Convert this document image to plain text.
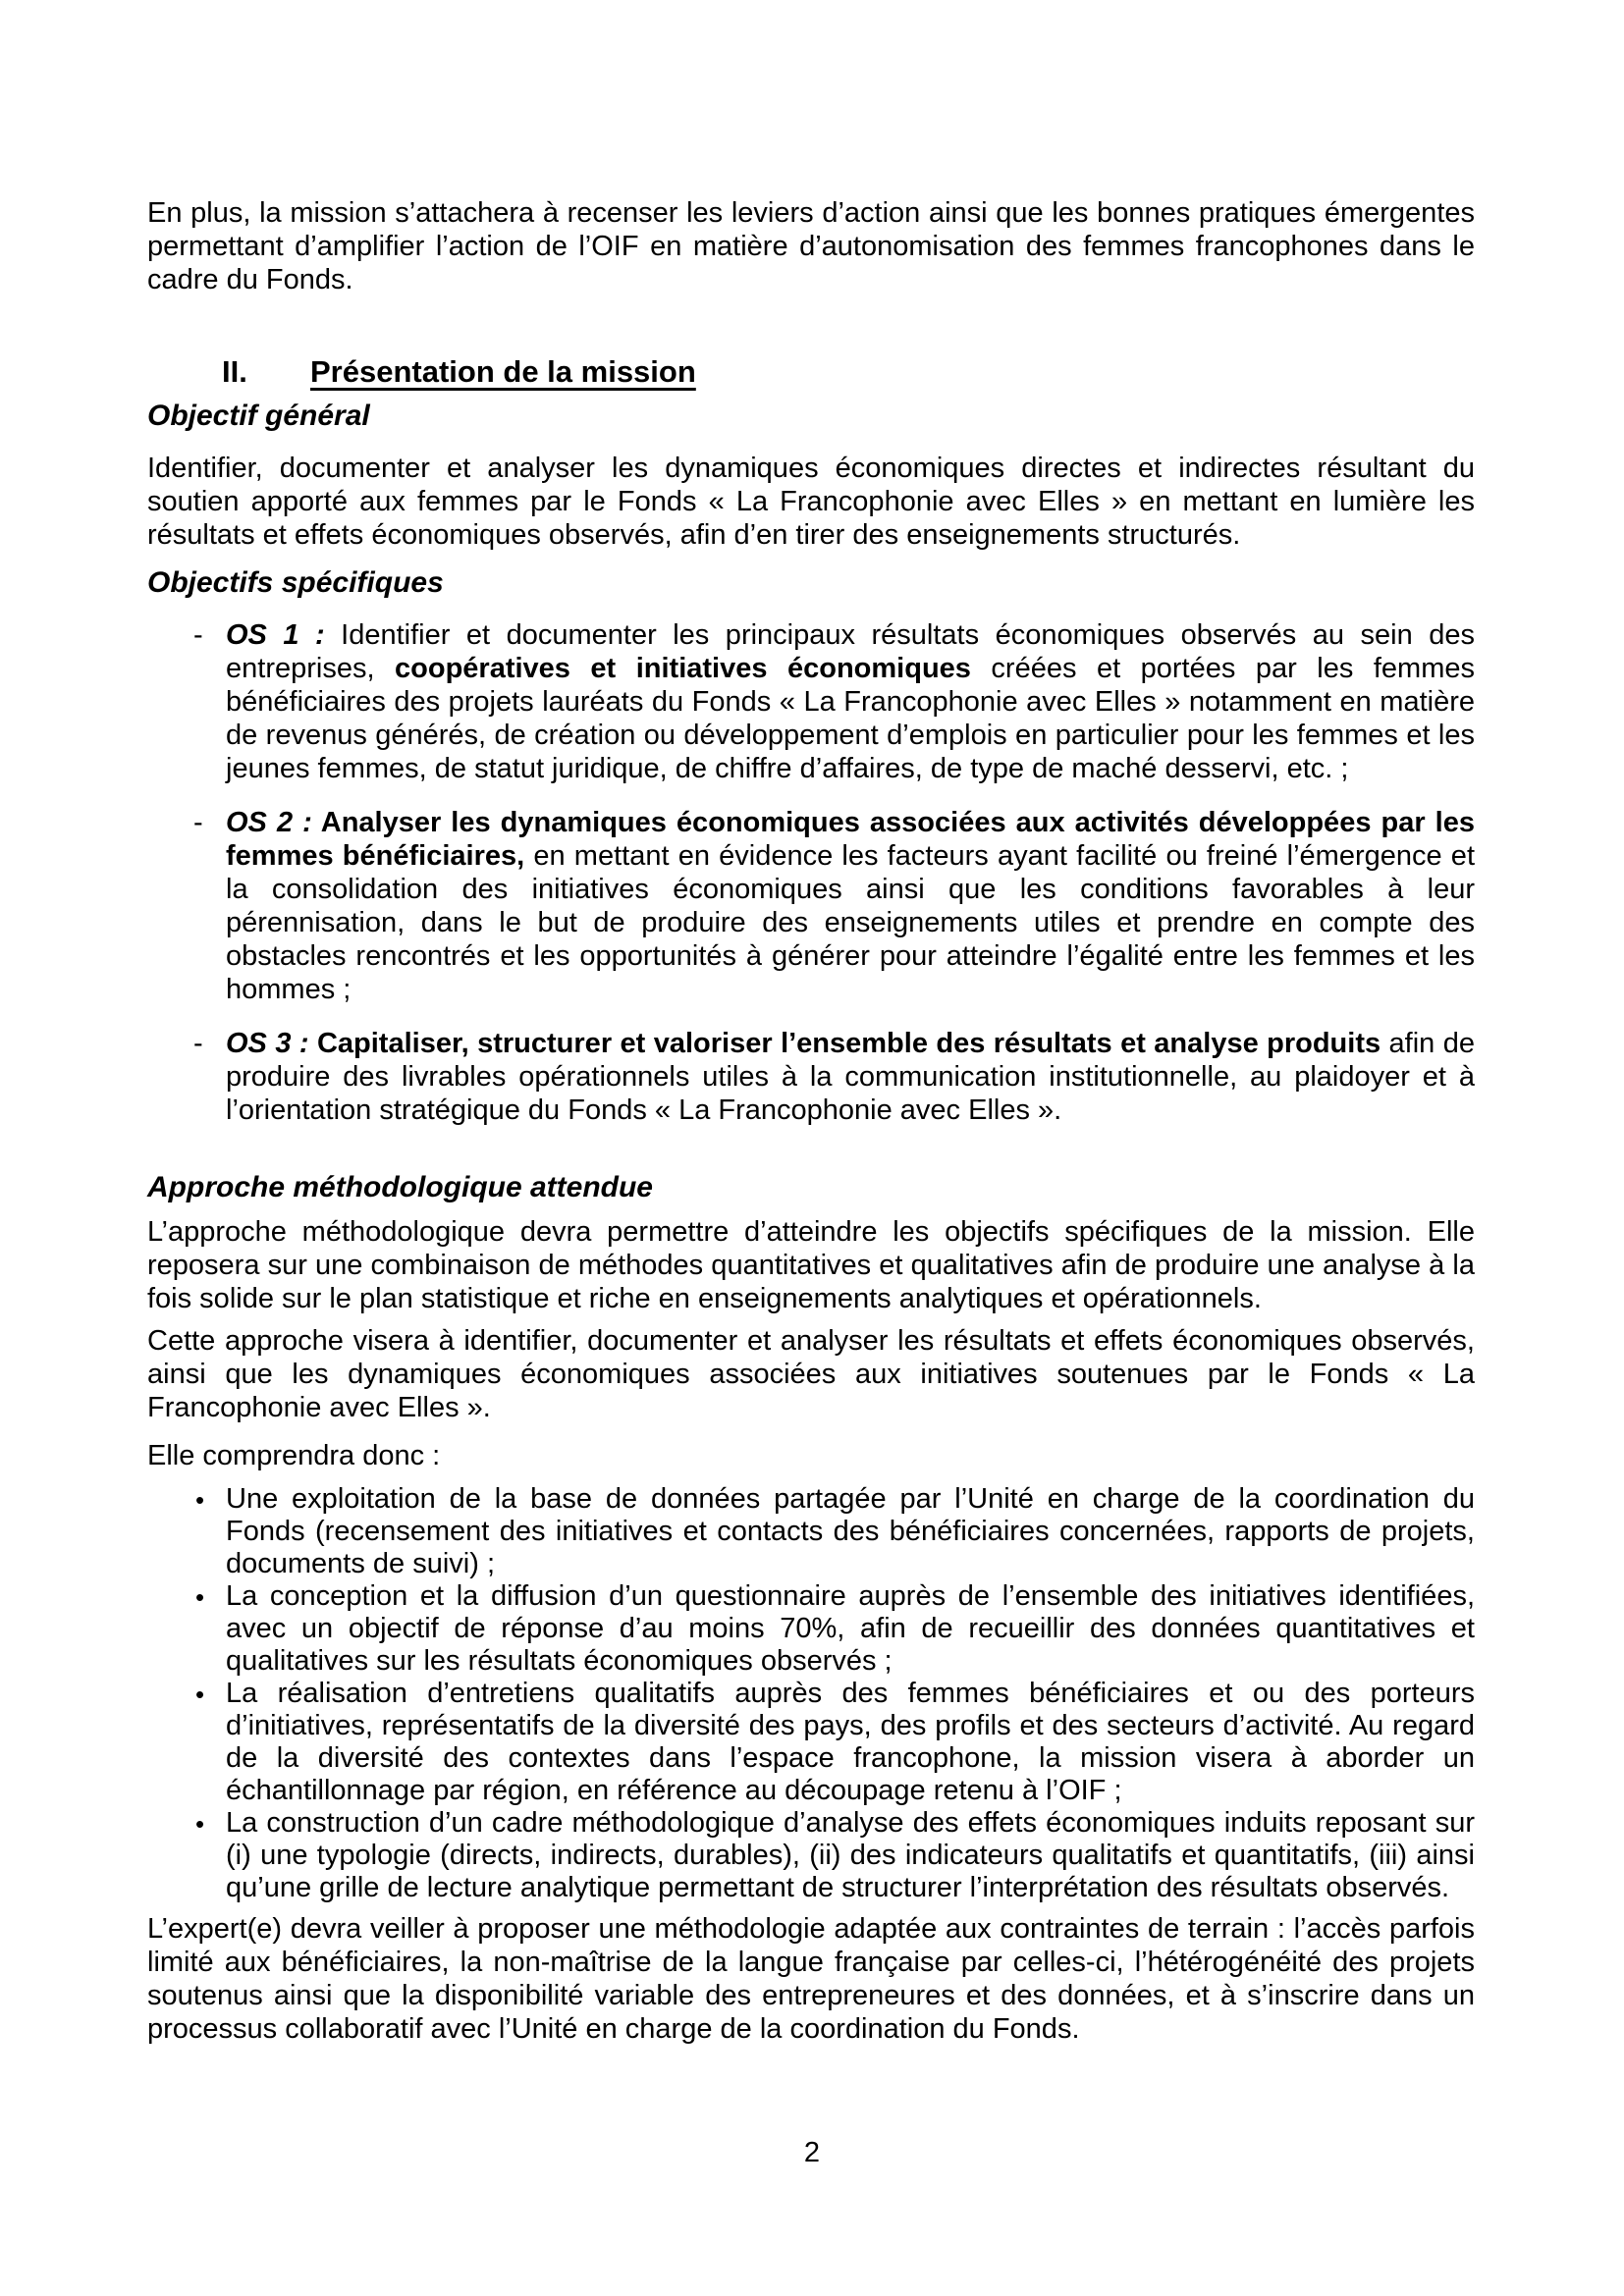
En plus, la mission s’attachera à recenser les leviers d’action ainsi que les bonnes pratiques émergentes permettant d’amplifier l’action de l’OIF en matière d’autonomisation des femmes francophones dans le cadre du Fonds.

II. Présentation de la mission
Objectif général

Identifier, documenter et analyser les dynamiques économiques directes et indirectes résultant du soutien apporté aux femmes par le Fonds « La Francophonie avec Elles » en mettant en lumière les résultats et effets économiques observés, afin d’en tirer des enseignements structurés.

Objectifs spécifiques
- OS 1 : Identifier et documenter les principaux résultats économiques observés au sein des entreprises, coopératives et initiatives économiques créées et portées par les femmes bénéficiaires des projets lauréats du Fonds « La Francophonie avec Elles » notamment en matière de revenus générés, de création ou développement d’emplois en particulier pour les femmes et les jeunes femmes, de statut juridique, de chiffre d’affaires, de type de maché desservi, etc. ;
- OS 2 : Analyser les dynamiques économiques associées aux activités développées par les femmes bénéficiaires, en mettant en évidence les facteurs ayant facilité ou freiné l’émergence et la consolidation des initiatives économiques ainsi que les conditions favorables à leur pérennisation, dans le but de produire des enseignements utiles et prendre en compte des obstacles rencontrés et les opportunités à générer pour atteindre l’égalité entre les femmes et les hommes ;
- OS 3 : Capitaliser, structurer et valoriser l’ensemble des résultats et analyse produits afin de produire des livrables opérationnels utiles à la communication institutionnelle, au plaidoyer et à l’orientation stratégique du Fonds « La Francophonie avec Elles ».
Approche méthodologique attendue

L’approche méthodologique devra permettre d’atteindre les objectifs spécifiques de la mission. Elle reposera sur une combinaison de méthodes quantitatives et qualitatives afin de produire une analyse à la fois solide sur le plan statistique et riche en enseignements analytiques et opérationnels.

Cette approche visera à identifier, documenter et analyser les résultats et effets économiques observés, ainsi que les dynamiques économiques associées aux initiatives soutenues par le Fonds « La Francophonie avec Elles ».

Elle comprendra donc :

• Une exploitation de la base de données partagée par l’Unité en charge de la coordination du Fonds (recensement des initiatives et contacts des bénéficiaires concernées, rapports de projets, documents de suivi) ;
• La conception et la diffusion d’un questionnaire auprès de l’ensemble des initiatives identifiées, avec un objectif de réponse d’au moins 70%, afin de recueillir des données quantitatives et qualitatives sur les résultats économiques observés ;
• La réalisation d’entretiens qualitatifs auprès des femmes bénéficiaires et ou des porteurs d’initiatives, représentatifs de la diversité des pays, des profils et des secteurs d’activité. Au regard de la diversité des contextes dans l’espace francophone, la mission visera à aborder un échantillonnage par région, en référence au découpage retenu à l’OIF ;
• La construction d’un cadre méthodologique d’analyse des effets économiques induits reposant sur (i) une typologie (directs, indirects, durables), (ii) des indicateurs qualitatifs et quantitatifs, (iii) ainsi qu’une grille de lecture analytique permettant de structurer l’interprétation des résultats observés.

L’expert(e) devra veiller à proposer une méthodologie adaptée aux contraintes de terrain : l’accès parfois limité aux bénéficiaires, la non-maîtrise de la langue française par celles-ci, l’hétérogénéité des projets soutenus ainsi que la disponibilité variable des entrepreneures et des données, et à s’inscrire dans un processus collaboratif avec l’Unité en charge de la coordination du Fonds.

2
